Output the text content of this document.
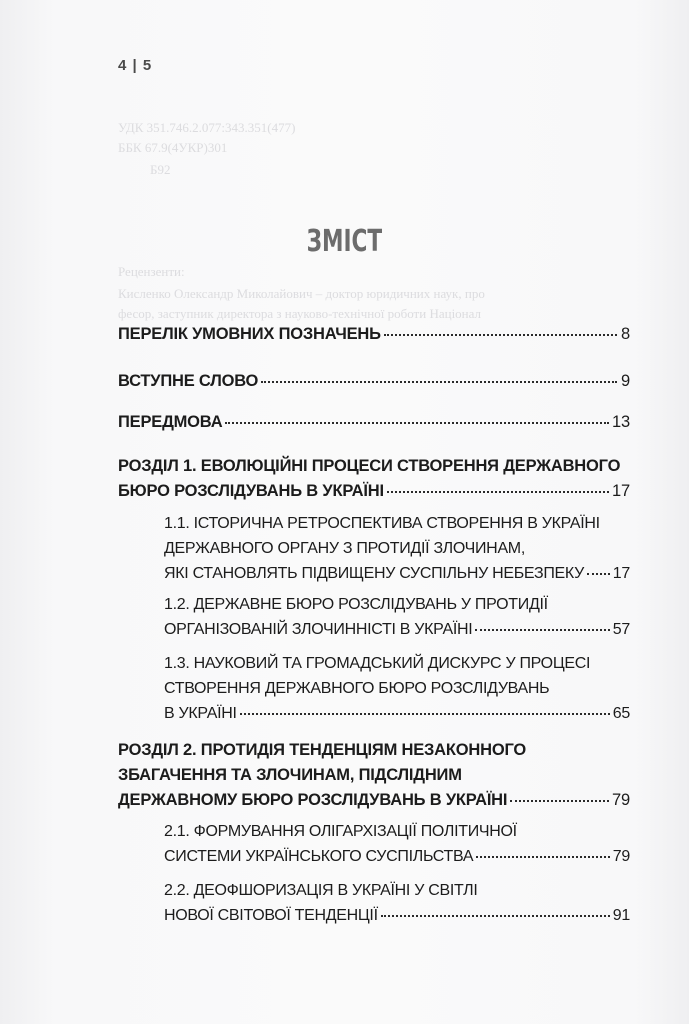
УДК 351.746.2.077:343.351(477)
ББК 67.9(4УКР)301
Б92
Рецензенти:
Кисленко Олександр Миколайович – доктор юридичних наук, про
фесор, заступник директора з науково-технічної роботи Націонал
4 | 5
ЗМІСТ
ПЕРЕЛІК УМОВНИХ ПОЗНАЧЕНЬ	8
ВСТУПНЕ СЛОВО	9
ПЕРЕДМОВА	13
РОЗДІЛ 1. ЕВОЛЮЦІЙНІ ПРОЦЕСИ СТВОРЕННЯ ДЕРЖАВНОГО
БЮРО РОЗСЛІДУВАНЬ В УКРАЇНІ	17
1.1. ІСТОРИЧНА РЕТРОСПЕКТИВА СТВОРЕННЯ В УКРАЇНІ
ДЕРЖАВНОГО ОРГАНУ З ПРОТИДІЇ ЗЛОЧИНАМ,
ЯКІ СТАНОВЛЯТЬ ПІДВИЩЕНУ СУСПІЛЬНУ НЕБЕЗПЕКУ 17
1.2. ДЕРЖАВНЕ БЮРО РОЗСЛІДУВАНЬ У ПРОТИДІЇ
ОРГАНІЗОВАНІЙ ЗЛОЧИННІСТІ В УКРАЇНІ	57
1.3. НАУКОВИЙ ТА ГРОМАДСЬКИЙ ДИСКУРС У ПРОЦЕСІ
СТВОРЕННЯ ДЕРЖАВНОГО БЮРО РОЗСЛІДУВАНЬ
В УКРАЇНІ	65
РОЗДІЛ 2. ПРОТИДІЯ ТЕНДЕНЦІЯМ НЕЗАКОННОГО
ЗБАГАЧЕННЯ ТА ЗЛОЧИНАМ, ПІДСЛІДНИМ
ДЕРЖАВНОМУ БЮРО РОЗСЛІДУВАНЬ В УКРАЇНІ	79
2.1. ФОРМУВАННЯ ОЛІГАРХІЗАЦІЇ ПОЛІТИЧНОЇ
СИСТЕМИ УКРАЇНСЬКОГО СУСПІЛЬСТВА	79
2.2. ДЕОФШОРИЗАЦІЯ В УКРАЇНІ У СВІТЛІ
НОВОЇ СВІТОВОЇ ТЕНДЕНЦІЇ	91
